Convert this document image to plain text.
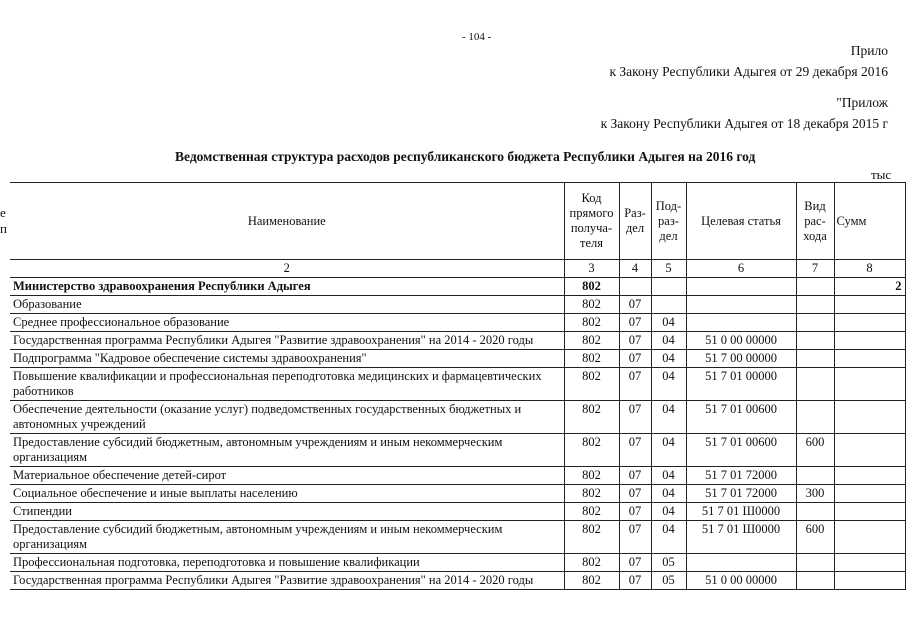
- 104 -
Прило
к Закону Республики Адыгея от 29 декабря 2016
"Прилож
к Закону Республики Адыгея от 18 декабря 2015 г
Ведомственная структура расходов республиканского бюджета Республики Адыгея на 2016 год
тыс
е
п
Наименование	Код прямого получа- теля	Раз- дел	Под- раз- дел	Целевая статья	Вид рас- хода	Сумм
2	3	4	5	6	7	8
Министерство здравоохранения Республики Адыгея	802					2
Образование	802	07				
Среднее профессиональное образование	802	07	04			
Государственная программа Республики Адыгея "Развитие здравоохранения" на 2014 - 2020 годы	802	07	04	51 0 00 00000		
Подпрограмма "Кадровое обеспечение системы здравоохранения"	802	07	04	51 7 00 00000		
Повышение квалификации и профессиональная переподготовка медицинских и фармацевтических работников	802	07	04	51 7 01 00000		
Обеспечение деятельности (оказание услуг) подведомственных государственных бюджетных и автономных учреждений	802	07	04	51 7 01 00600		
Предоставление субсидий бюджетным, автономным учреждениям и иным некоммерческим организациям	802	07	04	51 7 01 00600	600	
Материальное обеспечение детей-сирот	802	07	04	51 7 01 72000		
Социальное обеспечение и иные выплаты населению	802	07	04	51 7 01 72000	300	
Стипендии	802	07	04	51 7 01 Ш0000		
Предоставление субсидий бюджетным, автономным учреждениям и иным некоммерческим организациям	802	07	04	51 7 01 Ш0000	600	
Профессиональная подготовка, переподготовка и повышение квалификации	802	07	05			
Государственная программа Республики Адыгея "Развитие здравоохранения" на 2014 - 2020 годы	802	07	05	51 0 00 00000		
